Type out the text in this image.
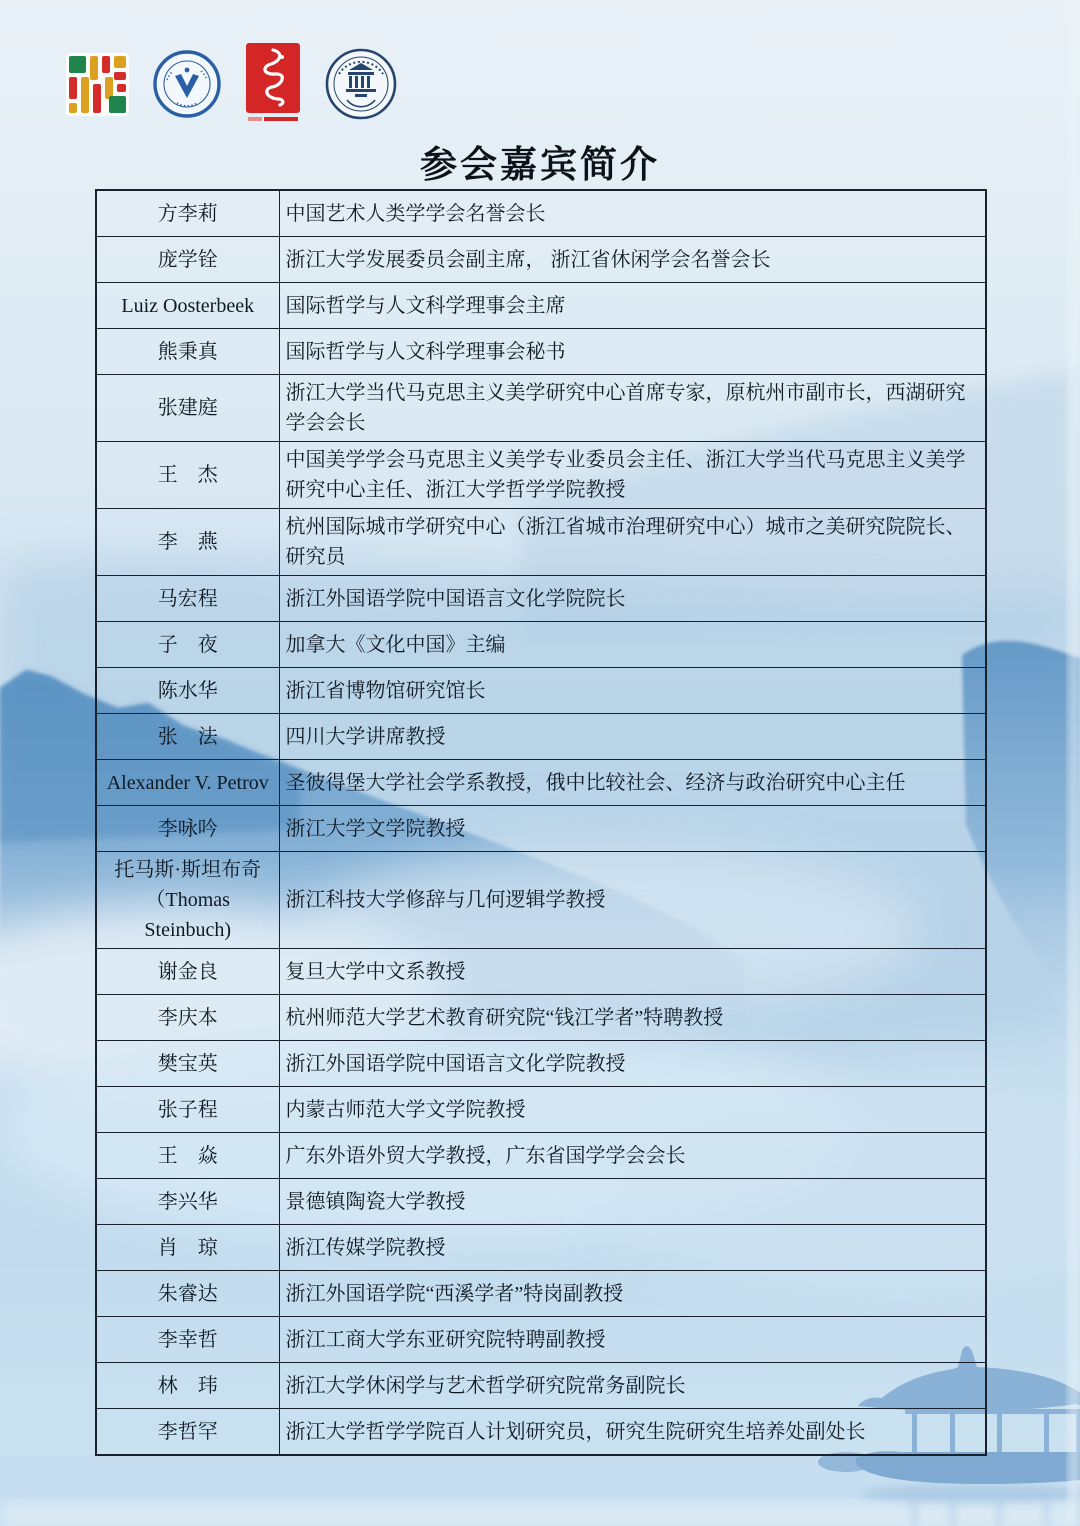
参会嘉宾简介
方李莉	中国艺术人类学学会名誉会长
庞学铨	浙江大学发展委员会副主席， 浙江省休闲学会名誉会长
Luiz Oosterbeek	国际哲学与人文科学理事会主席
熊秉真	国际哲学与人文科学理事会秘书
张建庭	浙江大学当代马克思主义美学研究中心首席专家，原杭州市副市长，西湖研究学会会长
王　杰	中国美学学会马克思主义美学专业委员会主任、浙江大学当代马克思主义美学研究中心主任、浙江大学哲学学院教授
李　燕	杭州国际城市学研究中心（浙江省城市治理研究中心）城市之美研究院院长、研究员
马宏程	浙江外国语学院中国语言文化学院院长
子　夜	加拿大《文化中国》主编
陈水华	浙江省博物馆研究馆长
张　法	四川大学讲席教授
Alexander V. Petrov	圣彼得堡大学社会学系教授，俄中比较社会、经济与政治研究中心主任
李咏吟	浙江大学文学院教授
托马斯·斯坦布奇（Thomas Steinbuch)	浙江科技大学修辞与几何逻辑学教授
谢金良	复旦大学中文系教授
李庆本	杭州师范大学艺术教育研究院“钱江学者”特聘教授
樊宝英	浙江外国语学院中国语言文化学院教授
张子程	内蒙古师范大学文学院教授
王　焱	广东外语外贸大学教授，广东省国学学会会长
李兴华	景德镇陶瓷大学教授
肖　琼	浙江传媒学院教授
朱睿达	浙江外国语学院“西溪学者”特岗副教授
李幸哲	浙江工商大学东亚研究院特聘副教授
林　玮	浙江大学休闲学与艺术哲学研究院常务副院长
李哲罕	浙江大学哲学学院百人计划研究员，研究生院研究生培养处副处长
